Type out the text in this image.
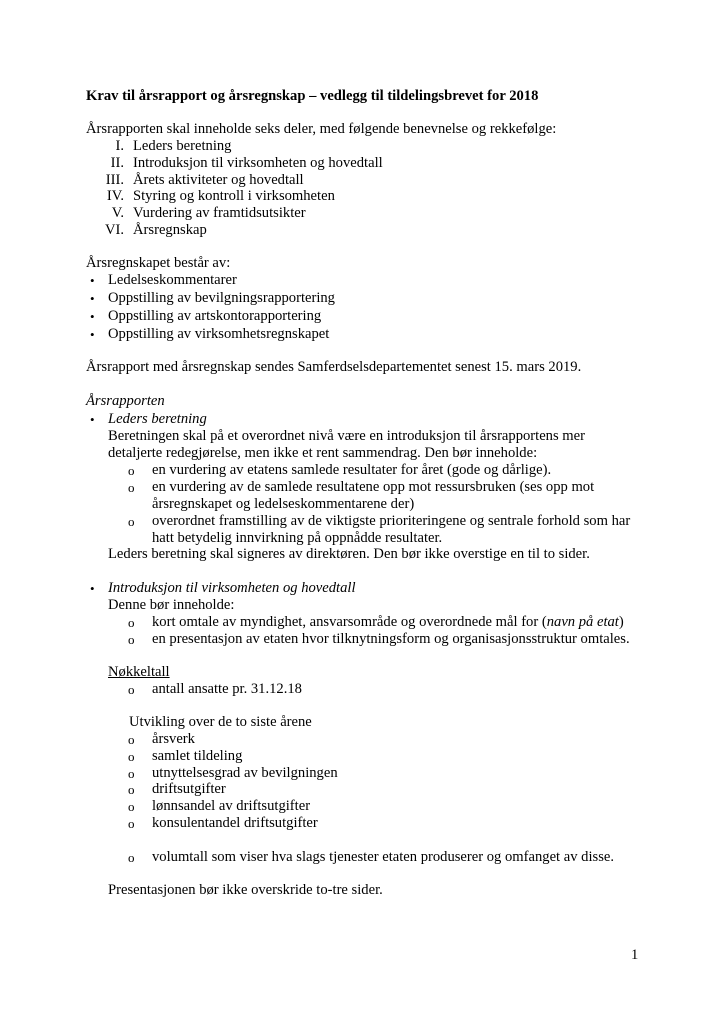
Krav til årsrapport og årsregnskap – vedlegg til tildelingsbrevet for 2018
Årsrapporten skal inneholde seks deler, med følgende benevnelse og rekkefølge:
I. Leders beretning
II. Introduksjon til virksomheten og hovedtall
III. Årets aktiviteter og hovedtall
IV. Styring og kontroll i virksomheten
V. Vurdering av framtidsutsikter
VI. Årsregnskap
Årsregnskapet består av:
• Ledelseskommentarer
• Oppstilling av bevilgningsrapportering
• Oppstilling av artskontorapportering
• Oppstilling av virksomhetsregnskapet
Årsrapport med årsregnskap sendes Samferdselsdepartementet senest 15. mars 2019.
Årsrapporten
• Leders beretning
Beretningen skal på et overordnet nivå være en introduksjon til årsrapportens mer
detaljerte redegjørelse, men ikke et rent sammendrag. Den bør inneholde:
o en vurdering av etatens samlede resultater for året (gode og dårlige).
o en vurdering av de samlede resultatene opp mot ressursbruken (ses opp mot årsregnskapet og ledelseskommentarene der)
o overordnet framstilling av de viktigste prioriteringene og sentrale forhold som har hatt betydelig innvirkning på oppnådde resultater.
Leders beretning skal signeres av direktøren. Den bør ikke overstige en til to sider.
• Introduksjon til virksomheten og hovedtall
Denne bør inneholde:
o kort omtale av myndighet, ansvarsområde og overordnede mål for (navn på etat)
o en presentasjon av etaten hvor tilknytningsform og organisasjonsstruktur omtales.
Nøkkeltall
o antall ansatte pr. 31.12.18
Utvikling over de to siste årene
o årsverk
o samlet tildeling
o utnyttelsesgrad av bevilgningen
o driftsutgifter
o lønnsandel av driftsutgifter
o konsulentandel driftsutgifter
o volumtall som viser hva slags tjenester etaten produserer og omfanget av disse.
Presentasjonen bør ikke overskride to-tre sider.
1
